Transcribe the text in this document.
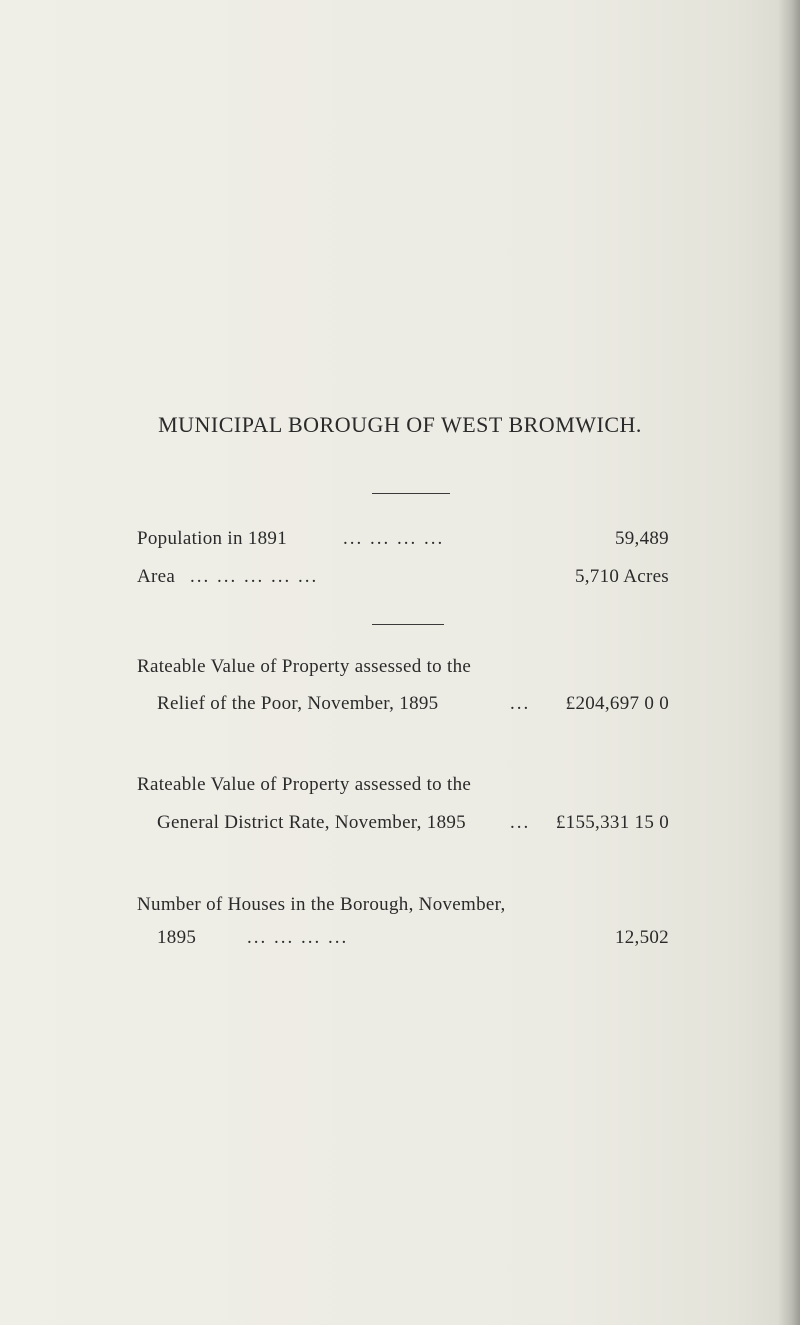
MUNICIPAL BOROUGH OF WEST BROMWICH.
Population in 1891	... ... ... ...	59,489
Area ... ... ... ... ...	5,710 Acres
Rateable Value of Property assessed to the
Relief of the Poor, November, 1895	... £204,697 0 0
Rateable Value of Property assessed to the
General District Rate, November, 1895 ... £155,331 15 0
Number of Houses in the Borough, November,
1895	... ... ... ...	12,502
